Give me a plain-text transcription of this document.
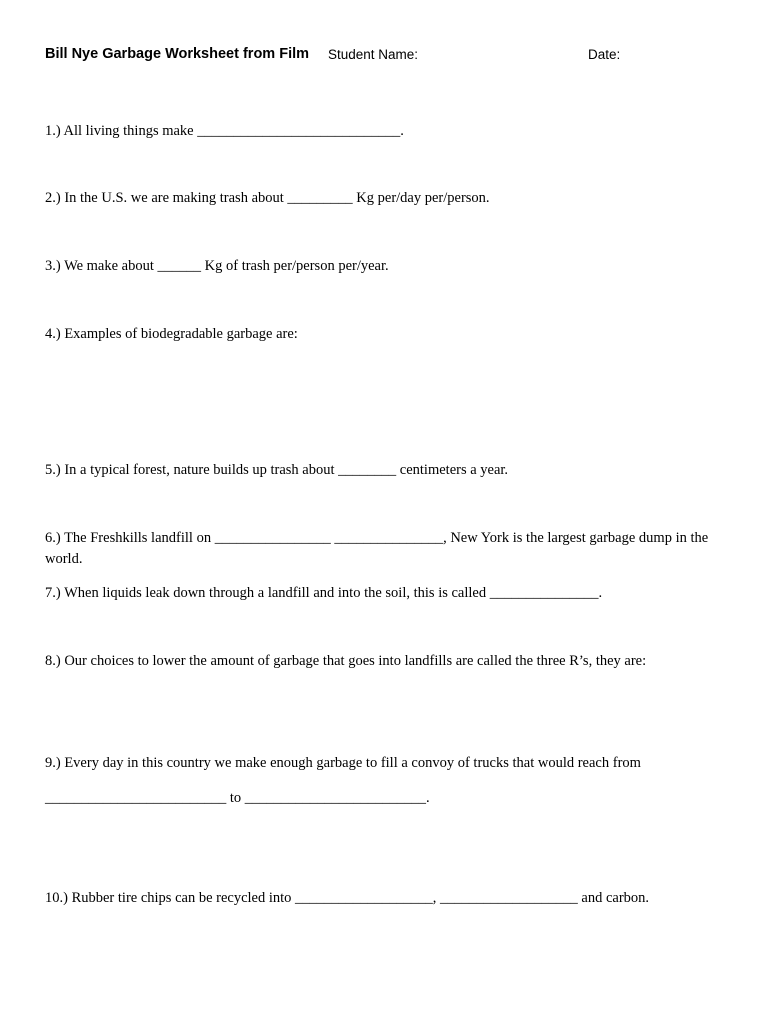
Bill Nye Garbage Worksheet from Film Student Name:	Date:
1.) All living things make ____________________________.
2.) In the U.S. we are making trash about _________ Kg per/day per/person.
3.) We make about ______ Kg of trash per/person per/year.
4.) Examples of biodegradable garbage are:
5.) In a typical forest, nature builds up trash about ________ centimeters a year.
6.) The Freshkills landfill on ________________ _______________, New York is the largest garbage dump in the world.
7.) When liquids leak down through a landfill and into the soil, this is called _______________.
8.) Our choices to lower the amount of garbage that goes into landfills are called the three R’s, they are:
9.) Every day in this country we make enough garbage to fill a convoy of trucks that would reach from
_________________________ to _________________________.
10.) Rubber tire chips can be recycled into ___________________, ___________________ and carbon.
